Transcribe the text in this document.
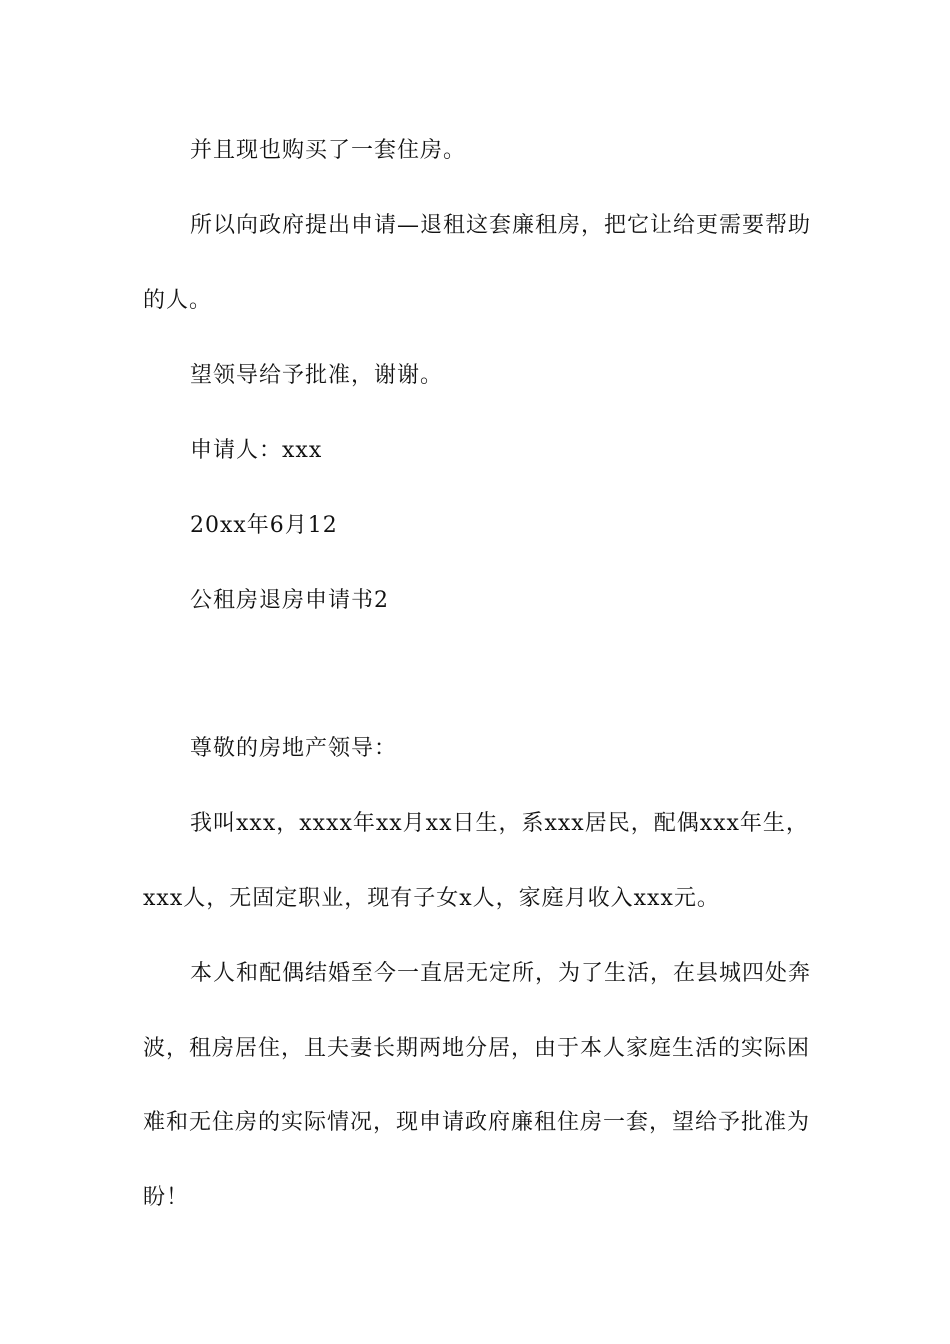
并且现也购买了一套住房。
所以向政府提出申请—退租这套廉租房，把它让给更需要帮助
的人。
望领导给予批准，谢谢。
申请人：xxx
20xx年6月12
公租房退房申请书2
尊敬的房地产领导：
我叫xxx，xxxx年xx月xx日生，系xxx居民，配偶xxx年生，
xxx人，无固定职业，现有子女x人，家庭月收入xxx元。
本人和配偶结婚至今一直居无定所，为了生活，在县城四处奔
波，租房居住，且夫妻长期两地分居，由于本人家庭生活的实际困
难和无住房的实际情况，现申请政府廉租住房一套，望给予批准为
盼！
